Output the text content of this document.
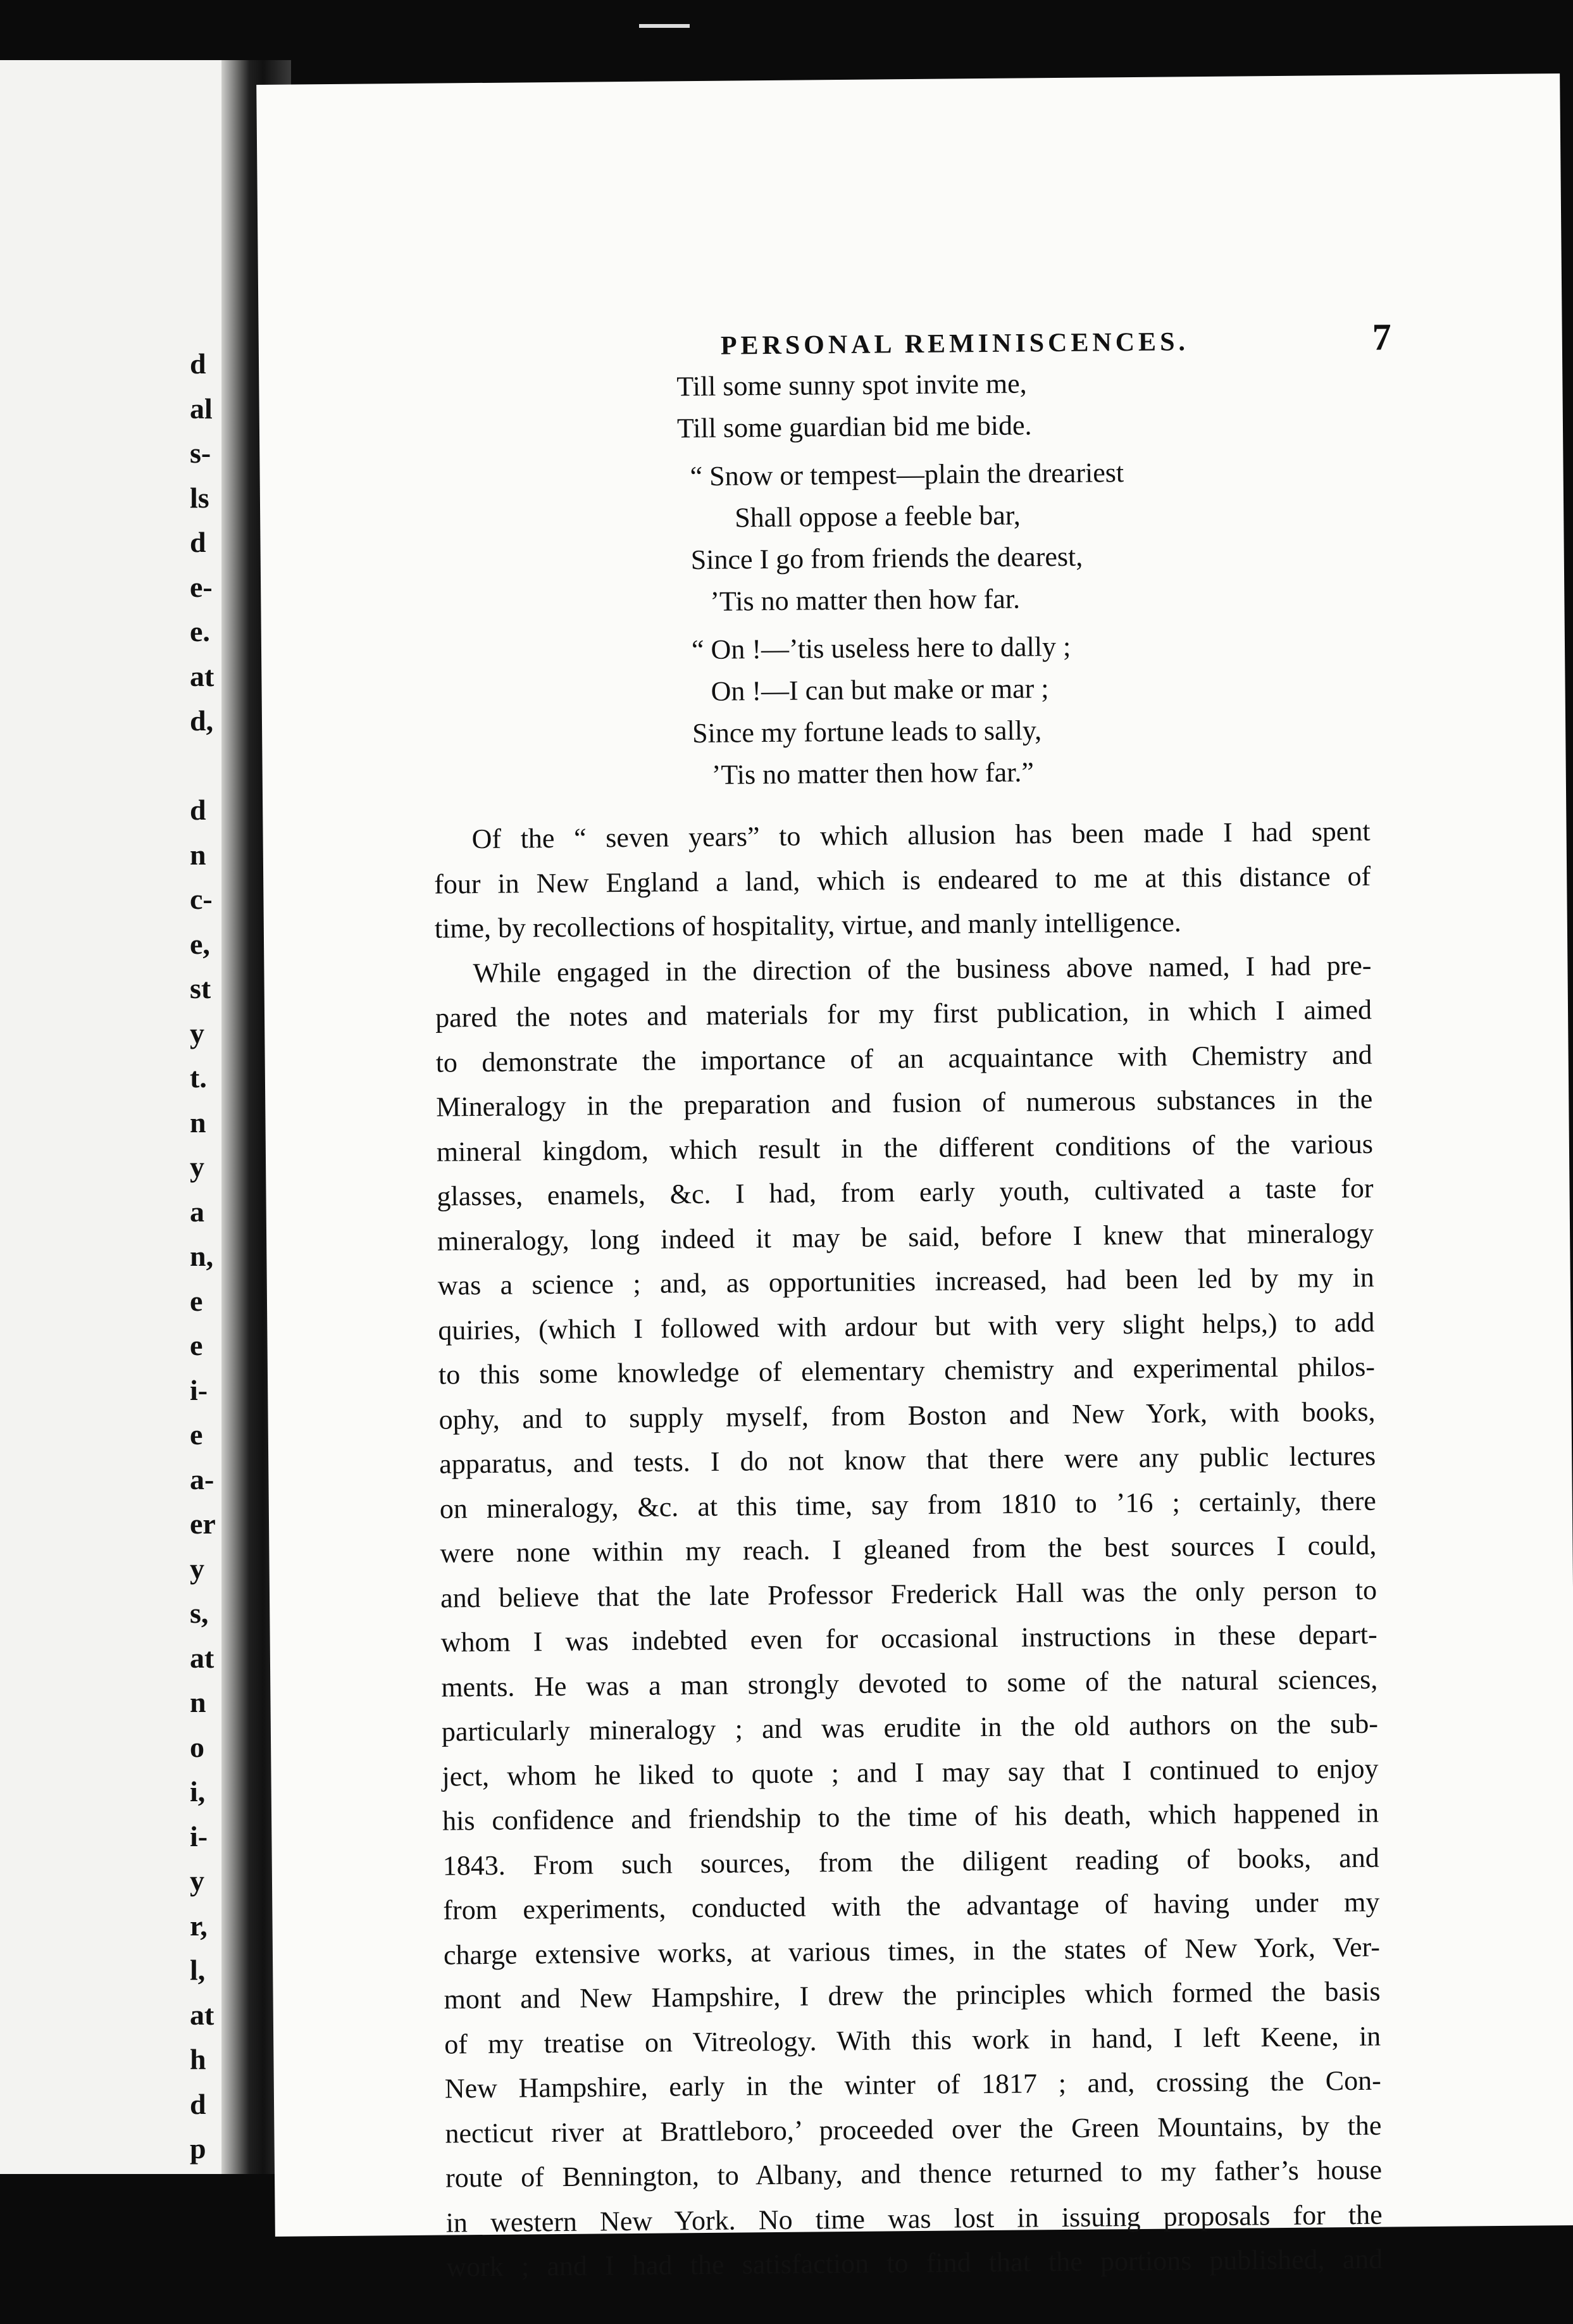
d
al
s-
ls
d
e-
e.
at
d,

d
n
c-
e,
st
y
t.
n
y
a
n,
e
e
i-
e
a-
er
y
s,
at
n
o
i,
i-
y
r,
l,
at
h
d
p
PERSONAL REMINISCENCES.	7
Till some sunny spot invite me,
Till some guardian bid me bide.
“ Snow or tempest—plain the dreariest
Shall oppose a feeble bar,
Since I go from friends the dearest,
’Tis no matter then how far.
“ On !—’tis useless here to dally ;
On !—I can but make or mar ;
Since my fortune leads to sally,
’Tis no matter then how far.”
Of the “ seven years” to which allusion has been made I had spent
four in New England a land, which is endeared to me at this distance of
time, by recollections of hospitality, virtue, and manly intelligence.
While engaged in the direction of the business above named, I had pre-
pared the notes and materials for my first publication, in which I aimed
to demonstrate the importance of an acquaintance with Chemistry and
Mineralogy in the preparation and fusion of numerous substances in the
mineral kingdom, which result in the different conditions of the various
glasses, enamels, &c. I had, from early youth, cultivated a taste for
mineralogy, long indeed it may be said, before I knew that mineralogy
was a science ; and, as opportunities increased, had been led by my in
quiries, (which I followed with ardour but with very slight helps,) to add
to this some knowledge of elementary chemistry and experimental philos-
ophy, and to supply myself, from Boston and New York, with books,
apparatus, and tests. I do not know that there were any public lectures
on mineralogy, &c. at this time, say from 1810 to ’16 ; certainly, there
were none within my reach. I gleaned from the best sources I could,
and believe that the late Professor Frederick Hall was the only person to
whom I was indebted even for occasional instructions in these depart-
ments. He was a man strongly devoted to some of the natural sciences,
particularly mineralogy ; and was erudite in the old authors on the sub-
ject, whom he liked to quote ; and I may say that I continued to enjoy
his confidence and friendship to the time of his death, which happened in
1843. From such sources, from the diligent reading of books, and
from experiments, conducted with the advantage of having under my
charge extensive works, at various times, in the states of New York, Ver-
mont and New Hampshire, I drew the principles which formed the basis
of my treatise on Vitreology. With this work in hand, I left Keene, in
New Hampshire, early in the winter of 1817 ; and, crossing the Con-
necticut river at Brattleboro,’ proceeded over the Green Mountains, by the
route of Bennington, to Albany, and thence returned to my father’s house
in western New York. No time was lost in issuing proposals for the
work ; and I had the satisfaction to find that the portions published, and
